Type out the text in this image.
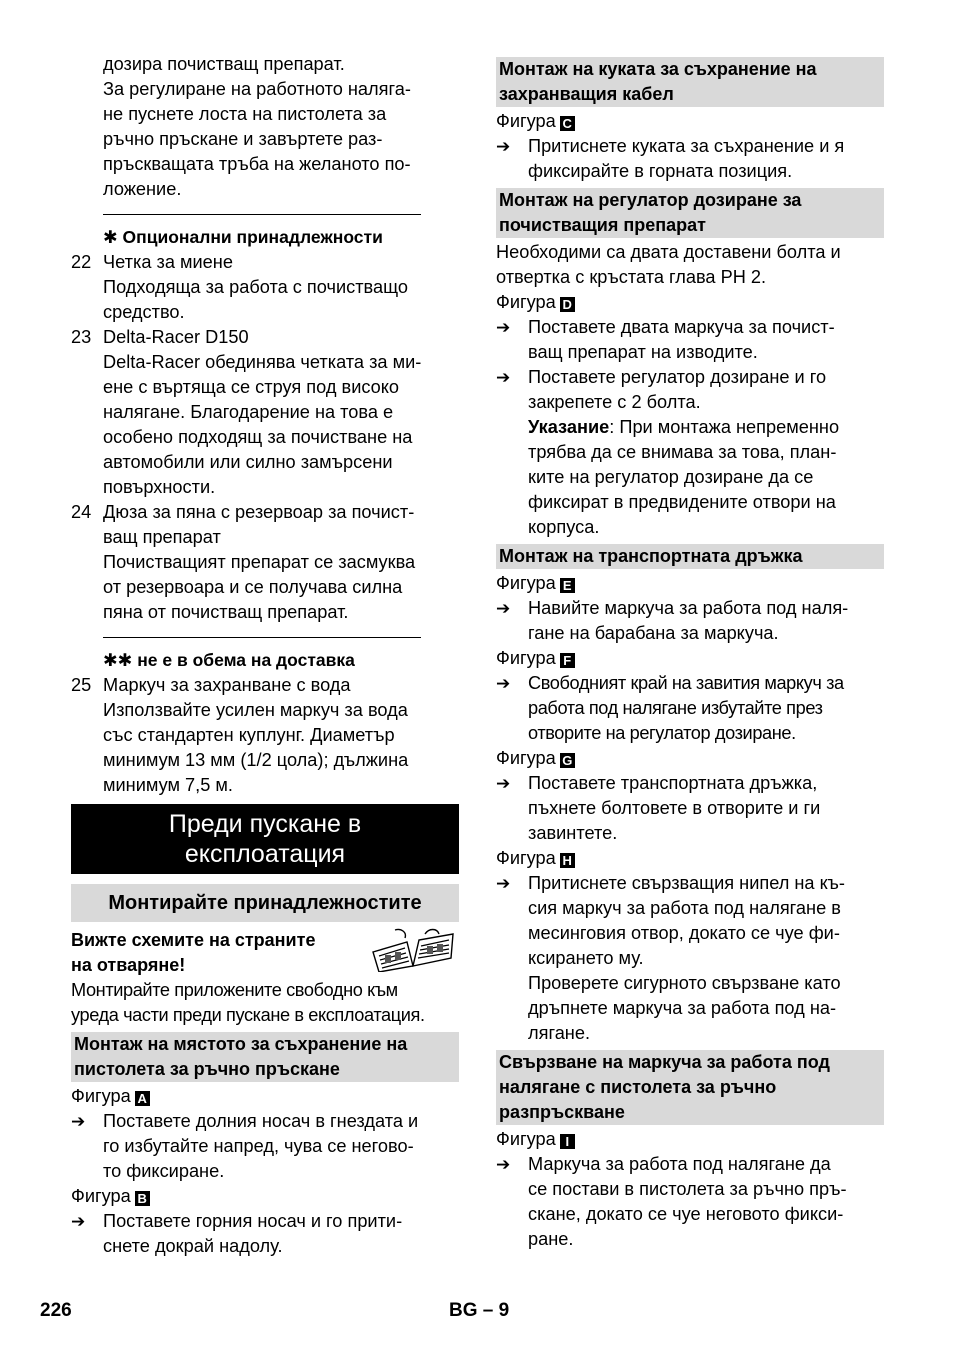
дозира почистващ препарат.

За регулиране на работното наляга-

не пуснете лоста на пистолета за

ръчно пръскане и завъртете раз-

пръскващата тръба на желаното по-

ложение.

✱ Опционални принадлежности

22 Четка за миене

Подходяща за работа с почистващо

средство.

23 Delta-Racer D150

Delta-Racer обединява четката за ми-

ене с въртяща се струя под високо

налягане. Благодарение на това е

особено подходящ за почистване на

автомобили или силно замърсени

повърхности.

24 Дюза за пяна с резервоар за почист-

ващ препарат

Почистващият препарат се засмуква

от резервоара и се получава силна

пяна от почистващ препарат.

✱✱ не е в обема на доставка

25 Маркуч за захранване с вода

Използвайте усилен маркуч за вода

със стандартен куплунг. Диаметър

минимум 13 мм (1/2 цола); дължина

минимум 7,5 м.

Преди пускане в
експлоатация
Монтирайте принадлежностите

Вижте схемите на страните

на отваряне!

Монтирайте приложените свободно към

уреда части преди пускане в експлоатация.

Монтаж на мястото за съхранение на

пистолета за ръчно пръскане

Фигура A

➔ Поставете долния носач в гнездата и

го избутайте напред, чува се негово-

то фиксиране.

Фигура B

➔ Поставете горния носач и го прити-

снете докрай надолу.

Монтаж на куката за съхранение на

захранващия кабел

Фигура C

➔ Притиснете куката за съхранение и я

фиксирайте в горната позиция.

Монтаж на регулатор дозиране за

почистващия препарат

Необходими са двата доставени болта и

отвертка с кръстата глава PH 2.

Фигура D

➔ Поставете двата маркуча за почист-

ващ препарат на изводите.

➔ Поставете регулатор дозиране и го

закрепете с 2 болта.

Указание: При монтажа непременно

трябва да се внимава за това, план-

ките на регулатор дозиране да се

фиксират в предвидените отвори на

корпуса.

Монтаж на транспортната дръжка

Фигура E

➔ Навийте маркуча за работа под наля-

гане на барабана за маркуча.

Фигура F

➔ Свободният край на завития маркуч за

работа под налягане избутайте през

отворите на регулатор дозиране.

Фигура G

➔ Поставете транспортната дръжка,

пъхнете болтовете в отворите и ги

завинтете.

Фигура H

➔ Притиснете свързващия нипел на къ-

сия маркуч за работа под налягане в

месинговия отвор, докато се чуе фи-

ксирането му.

Проверете сигурното свързване като

дръпнете маркуча за работа под на-

лягане.

Свързване на маркуча за работа под

налягане с пистолета за ръчно

разпръскване

Фигура I

➔ Маркуча за работа под налягане да

се постави в пистолета за ръчно пръ-

скане, докато се чуе неговото фикси-

ране.

226	BG – 9
